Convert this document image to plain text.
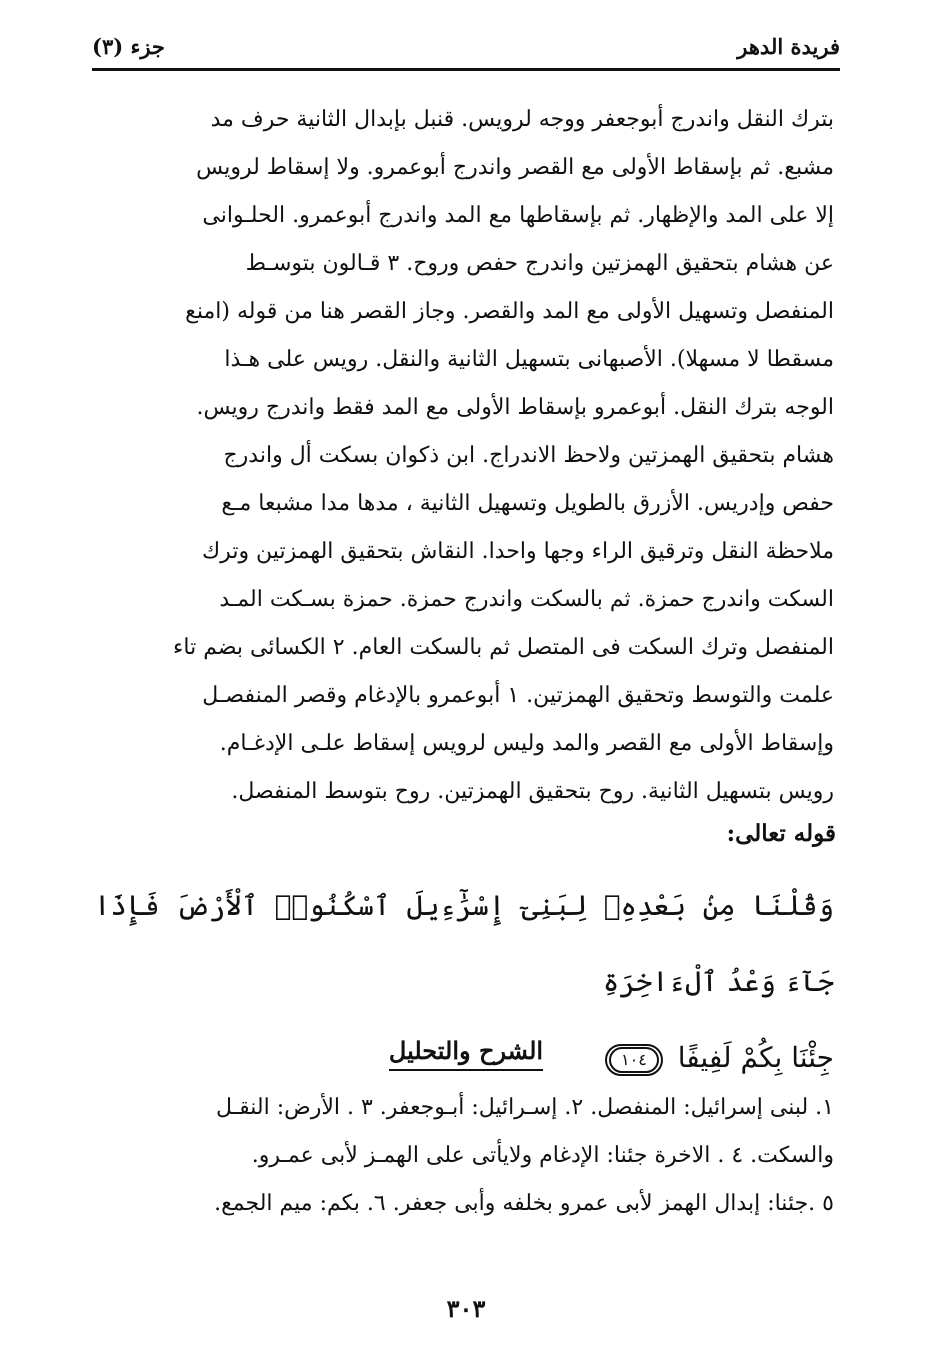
فريدة الدهر
جزء (٣)

بترك النقل واندرج أبوجعفر ووجه لرويس. قنبل بإبدال الثانية حرف مد

مشبع. ثم بإسقاط الأولى مع القصر واندرج أبوعمرو. ولا إسقاط لرويس

إلا على المد والإظهار. ثم بإسقاطها مع المد واندرج أبوعمرو. الحلـوانى

عن هشام بتحقيق الهمزتين واندرج حفص وروح. ٣ قـالون بتوسـط

المنفصل وتسهيل الأولى مع المد والقصر. وجاز القصر هنا من قوله (امنع

مسقطا لا مسهلا). الأصبهانى بتسهيل الثانية والنقل. رويس على هـذا

الوجه بترك النقل. أبوعمرو بإسقاط الأولى مع المد فقط واندرج رويس.

هشام بتحقيق الهمزتين ولاحظ الاندراج. ابن ذكوان بسكت أل واندرج

حفص وإدريس. الأزرق بالطويل وتسهيل الثانية ، مدها مدا مشبعا مـع

ملاحظة النقل وترقيق الراء وجها واحدا. النقاش بتحقيق الهمزتين وترك

السكت واندرج حمزة. ثم بالسكت واندرج حمزة. حمزة بسـكت المـد

المنفصل وترك السكت فى المتصل ثم بالسكت العام. ٢ الكسائى بضم تاء

علمت والتوسط وتحقيق الهمزتين. ١ أبوعمرو بالإدغام وقصر المنفصـل

وإسقاط الأولى مع القصر والمد وليس لرويس إسقاط علـى الإدغـام.

رويس بتسهيل الثانية. روح بتحقيق الهمزتين. روح بتوسط المنفصل.

قوله تعالى:
وَقُلْنَا مِنۢ بَعْدِهِۦ لِبَنِىٓ إِسْرَٰٓءِيلَ ٱسْكُنُوا۟ ٱلْأَرْضَ فَإِذَا جَآءَ وَعْدُ ٱلْءَاخِرَةِ
جِئْنَا بِكُمْ لَفِيفًا ١٠٤
الشرح والتحليل

١. لبنى إسرائيل: المنفصل. ٢. إسـرائيل: أبـوجعفر. ٣ . الأرض: النقـل

والسكت. ٤ . الاخرة جئنا: الإدغام ولايأتى على الهمـز لأبى عمـرو.

٥ .جئنا: إبدال الهمز لأبى عمرو بخلفه وأبى جعفر. ٦. بكم: ميم الجمع.

٣٠٣
